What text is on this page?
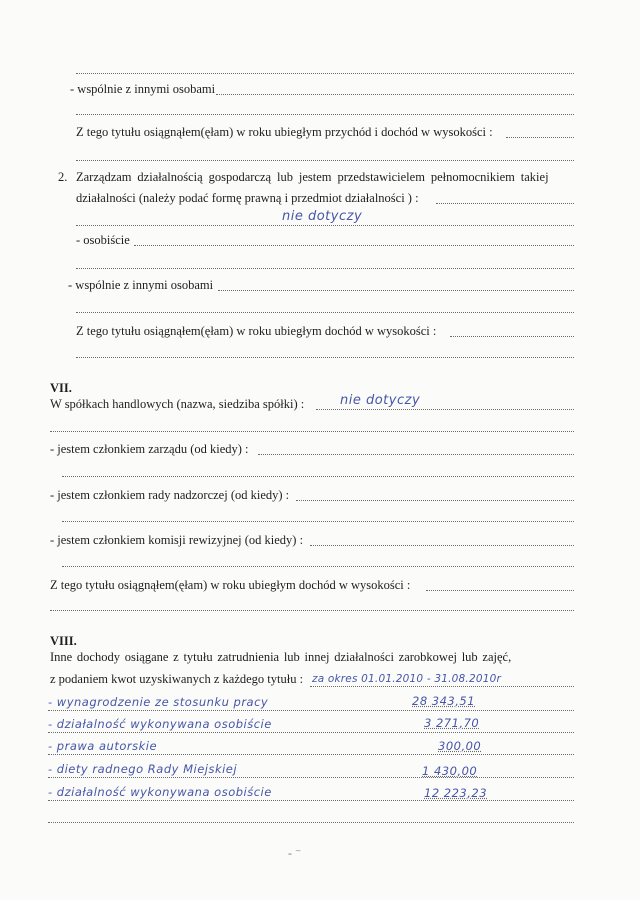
- wspólnie z innymi osobami
Z tego tytułu osiągnąłem(ęłam) w roku ubiegłym przychód i dochód w wysokości :
2. Zarządzam działalnością gospodarczą lub jestem przedstawicielem pełnomocnikiem takiej
działalności (należy podać formę prawną i przedmiot działalności ) :
nie dotyczy
- osobiście
- wspólnie z innymi osobami
Z tego tytułu osiągnąłem(ęłam) w roku ubiegłym dochód w wysokości :
VII.
W spółkach handlowych (nazwa, siedziba spółki) :	nie dotyczy
- jestem członkiem zarządu (od kiedy) :
- jestem członkiem rady nadzorczej (od kiedy) :
- jestem członkiem komisji rewizyjnej (od kiedy) :
Z tego tytułu osiągnąłem(ęłam) w roku ubiegłym dochód w wysokości :
VIII.
Inne dochody osiągane z tytułu zatrudnienia lub innej działalności zarobkowej lub zajęć,
z podaniem kwot uzyskiwanych z każdego tytułu : za okres 01.01.2010 - 31.08.2010r
- wynagrodzenie ze stosunku pracy	28 343,51
- działalność wykonywana osobiście	3 271,70
- prawa autorskie	300,00
- diety radnego Rady Miejskiej	1 430,00
- działalność wykonywana osobiście	12 223,23
- ⁻
